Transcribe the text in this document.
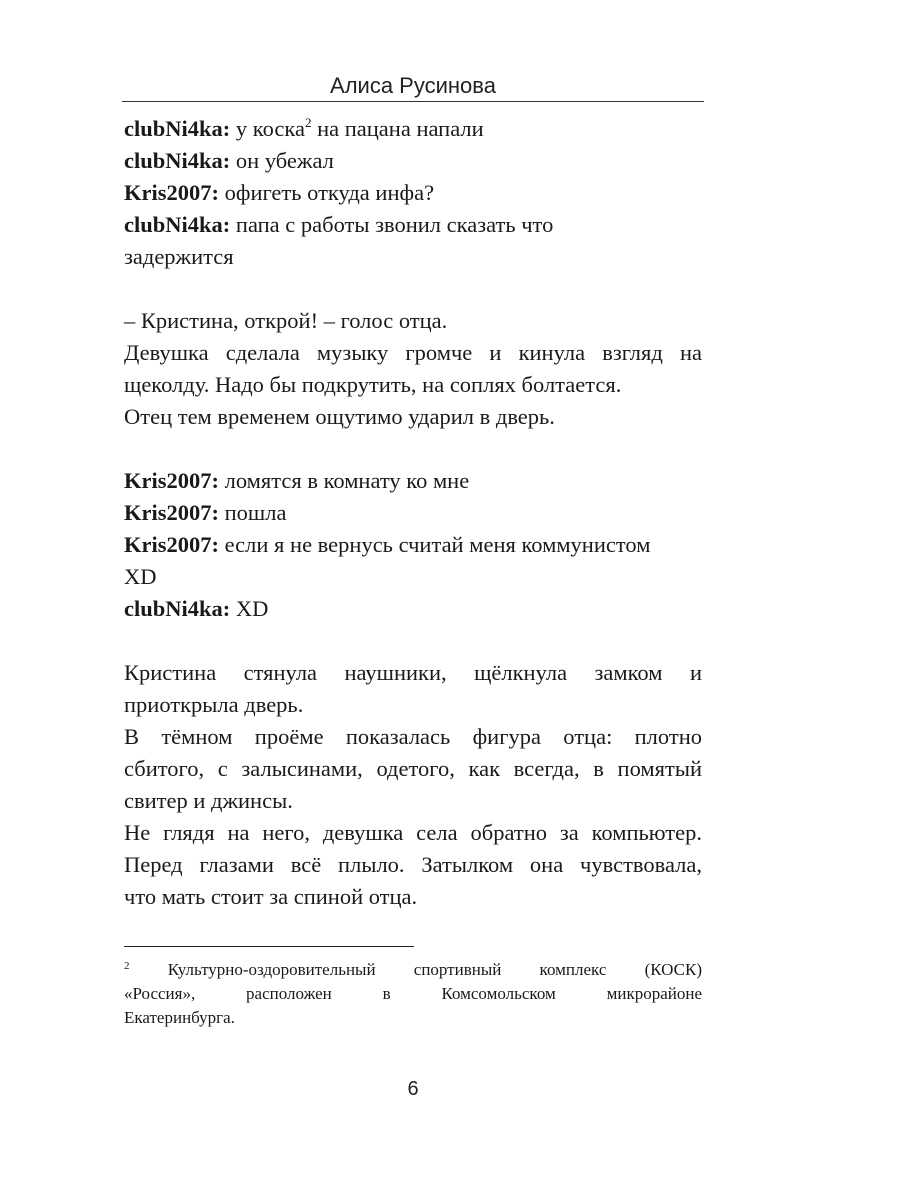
Алиса Русинова

clubNi4ka: у коска$^2$ на пацана напали

clubNi4ka: он убежал

Kris2007: офигеть откуда инфа?

clubNi4ka: папа с работы звонил сказать что

задержится

– Кристина, открой! – голос отца.

Девушка сделала музыку громче и кинула взгляд на

щеколду. Надо бы подкрутить, на соплях болтается.

Отец тем временем ощутимо ударил в дверь.

Kris2007: ломятся в комнату ко мне

Kris2007: пошла

Kris2007: если я не вернусь считай меня коммунистом

XD

clubNi4ka: XD

Кристина стянула наушники, щёлкнула замком и

приоткрыла дверь.

В тёмном проёме показалась фигура отца: плотно

сбитого, с залысинами, одетого, как всегда, в помятый

свитер и джинсы.

Не глядя на него, девушка села обратно за компьютер.

Перед глазами всё плыло. Затылком она чувствовала,

что мать стоит за спиной отца.

$^2$ Культурно-оздоровительный спортивный комплекс (КОСК)
«Россия», расположен в Комсомольском микрорайоне
Екатеринбурга.
6
